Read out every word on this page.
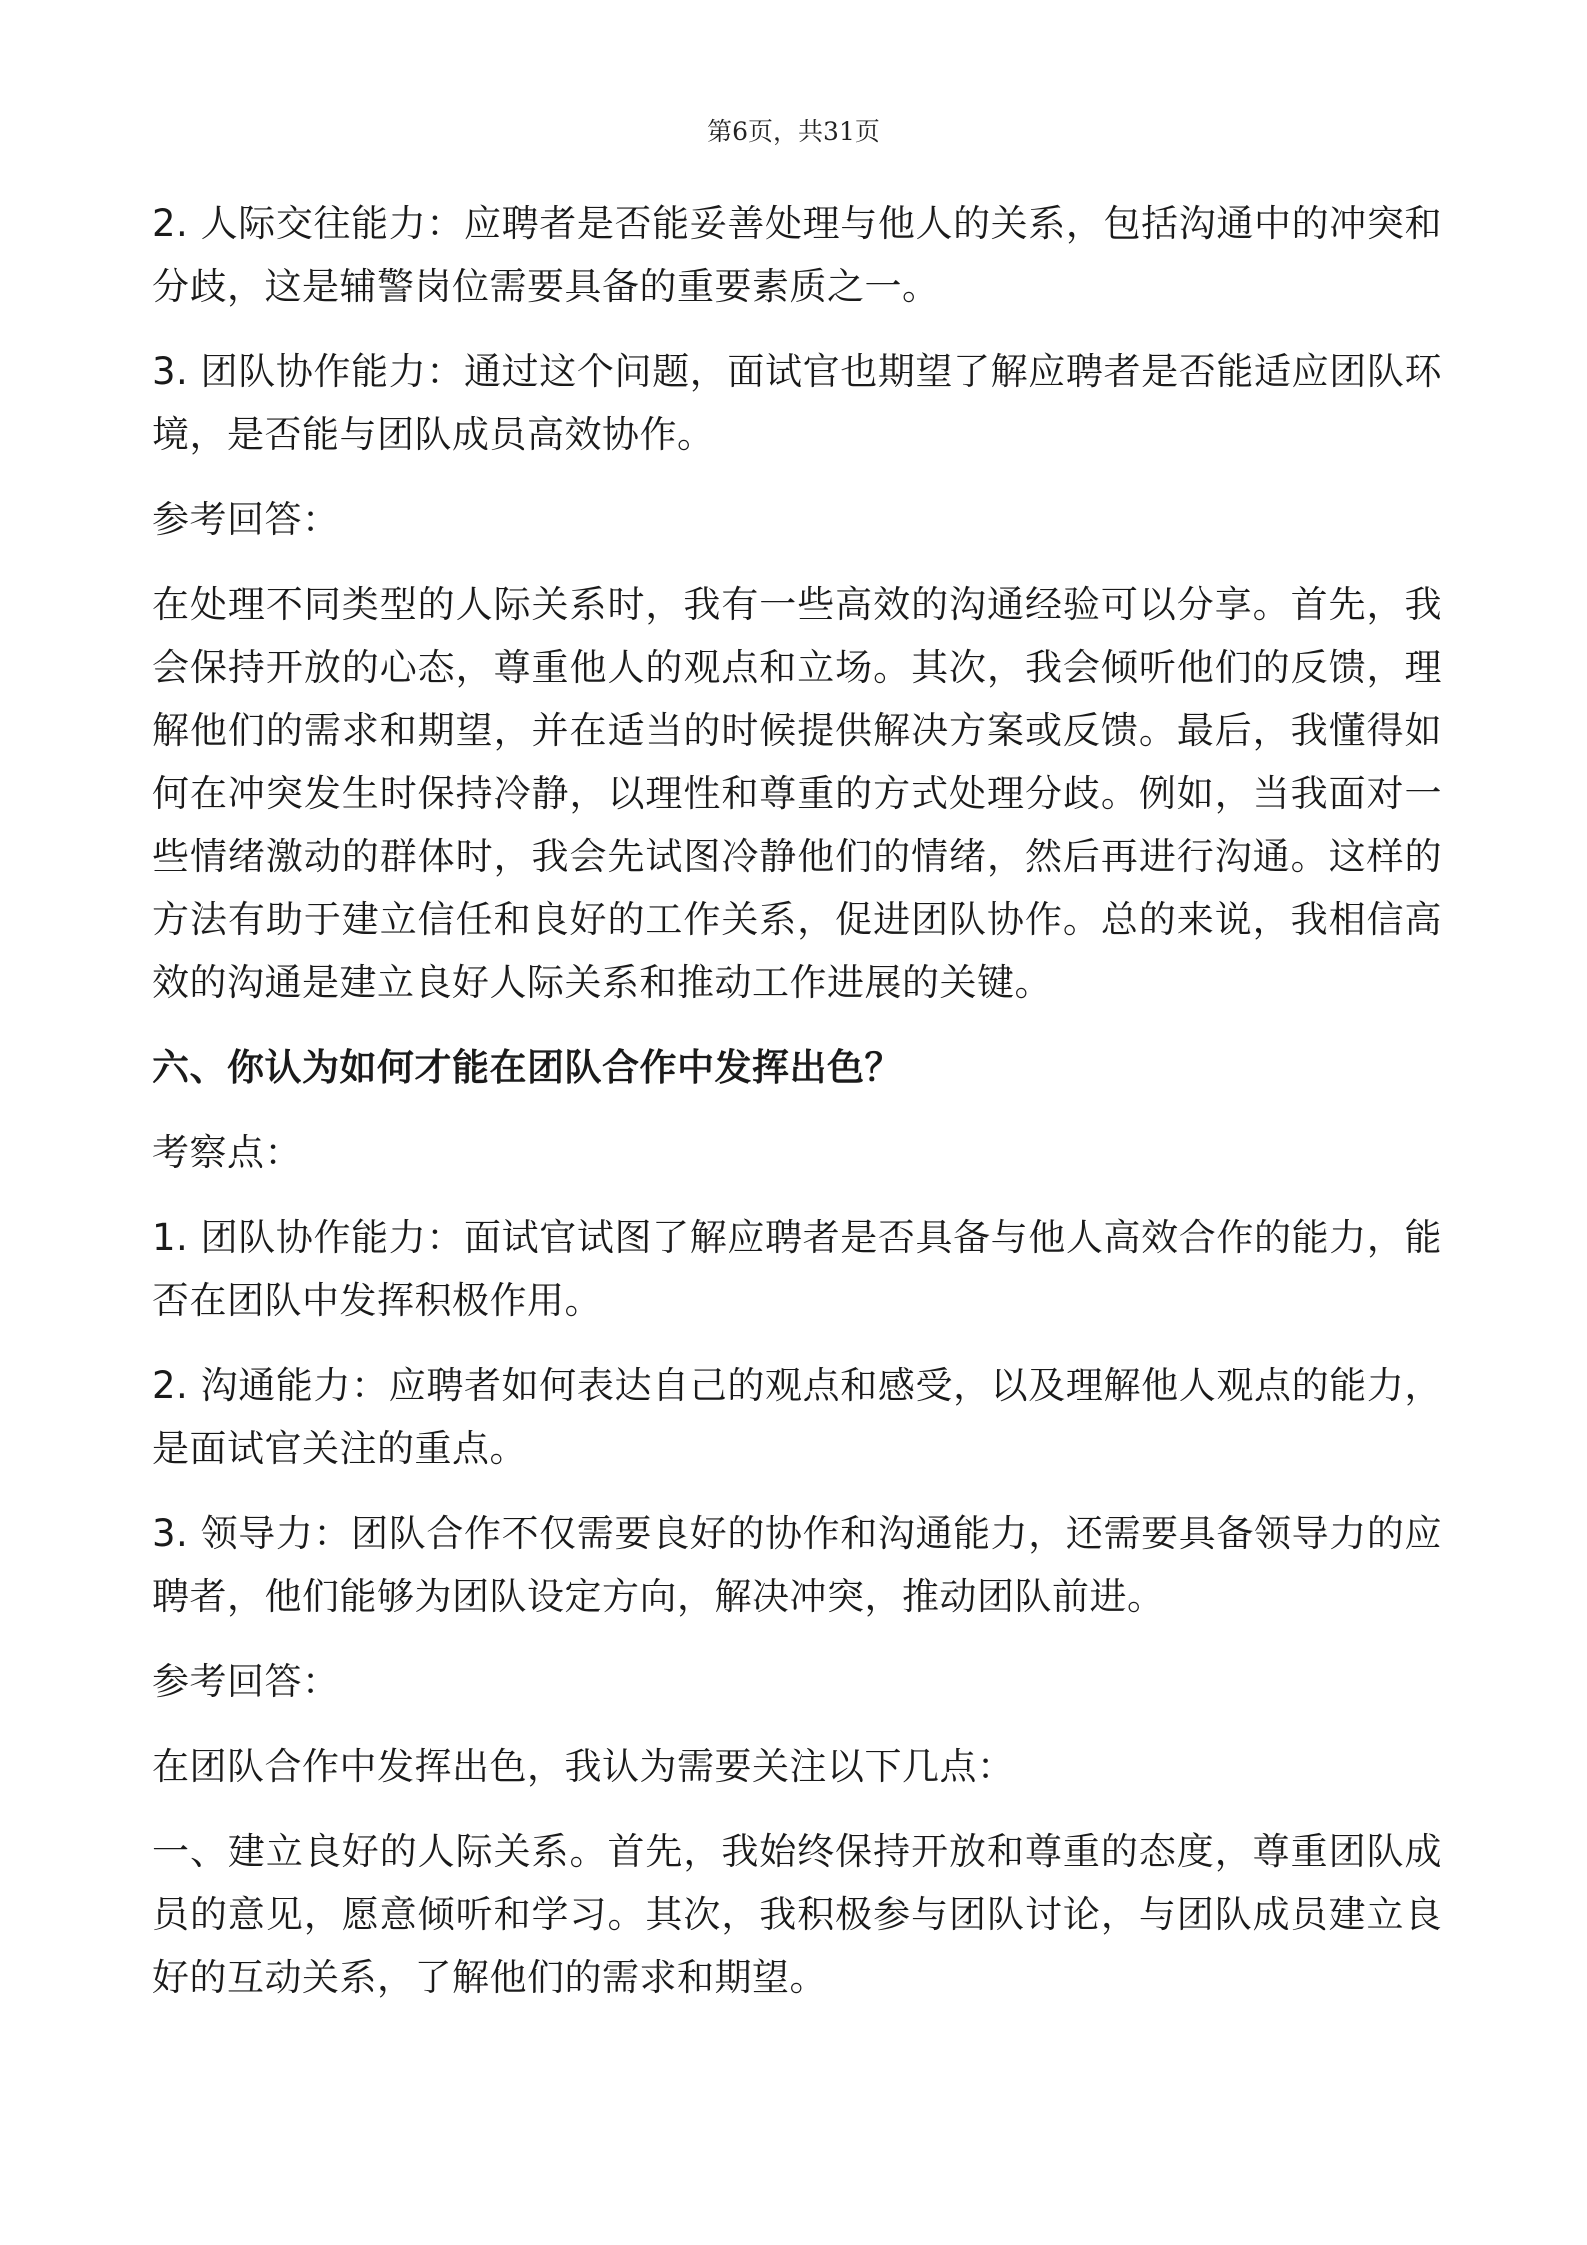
第6页，共31页

2. 人际交往能力：应聘者是否能妥善处理与他人的关系，包括沟通中的冲突和分歧，这是辅警岗位需要具备的重要素质之一。

3. 团队协作能力：通过这个问题，面试官也期望了解应聘者是否能适应团队环境，是否能与团队成员高效协作。

参考回答：

在处理不同类型的人际关系时，我有一些高效的沟通经验可以分享。首先，我会保持开放的心态，尊重他人的观点和立场。其次，我会倾听他们的反馈，理解他们的需求和期望，并在适当的时候提供解决方案或反馈。最后，我懂得如何在冲突发生时保持冷静，以理性和尊重的方式处理分歧。例如，当我面对一些情绪激动的群体时，我会先试图冷静他们的情绪，然后再进行沟通。这样的方法有助于建立信任和良好的工作关系，促进团队协作。总的来说，我相信高效的沟通是建立良好人际关系和推动工作进展的关键。

六、你认为如何才能在团队合作中发挥出色？

考察点：

1. 团队协作能力：面试官试图了解应聘者是否具备与他人高效合作的能力，能否在团队中发挥积极作用。

2. 沟通能力：应聘者如何表达自己的观点和感受，以及理解他人观点的能力，是面试官关注的重点。

3. 领导力：团队合作不仅需要良好的协作和沟通能力，还需要具备领导力的应聘者，他们能够为团队设定方向，解决冲突，推动团队前进。

参考回答：

在团队合作中发挥出色，我认为需要关注以下几点：

一、建立良好的人际关系。首先，我始终保持开放和尊重的态度，尊重团队成员的意见，愿意倾听和学习。其次，我积极参与团队讨论，与团队成员建立良好的互动关系，了解他们的需求和期望。
